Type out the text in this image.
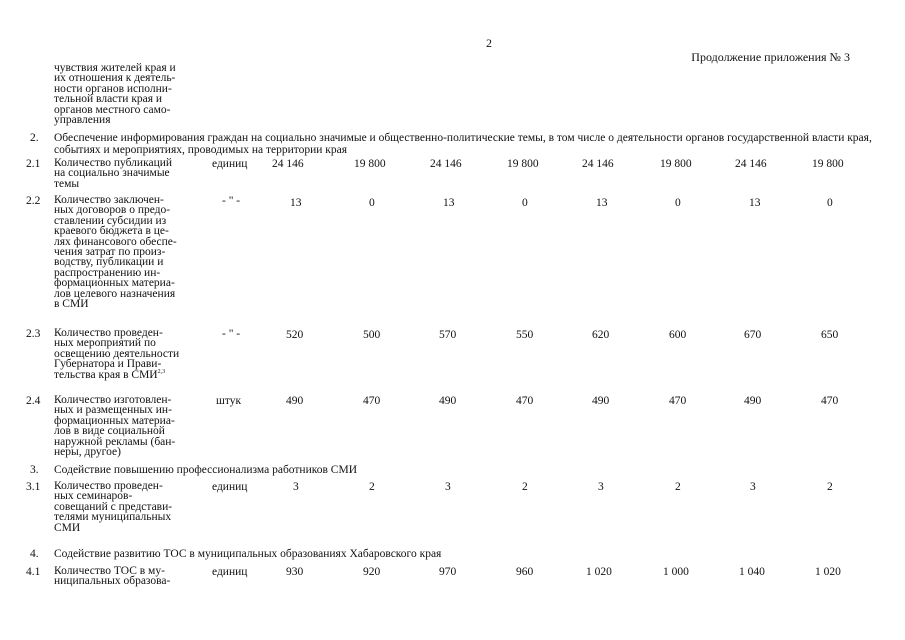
2
Продолжение приложения № 3
чувствия жителей края и
их отношения к деятель-
ности органов исполни-
тельной власти края и
органов местного само-
управления
2. Обеспечение информирования граждан на социально значимые и общественно-политические темы, в том числе о деятельности органов государственной власти края, событиях и мероприятиях, проводимых на территории края
2.1 Количество публикаций
на социально значимые
темы
единиц 24 146	19 800	24 146	19 800	24 146	19 800	24 146	19 800
2.2 Количество заключен-
ных договоров о предо-
ставлении субсидии из
краевого бюджета в це-
лях финансового обеспе-
чения затрат по произ-
водству, публикации и
распространению ин-
формационных материа-
лов целевого назначения
в СМИ
- " -	13	0	13	0	13	0	13	0
2.3 Количество проведен-
ных мероприятий по
освещению деятельности
Губернатора и Прави-
тельства края в СМИ$^{2,3}$
- " -	520	500	570	550	620	600	670	650
2.4 Количество изготовлен-
ных и размещенных ин-
формационных материа-
лов в виде социальной
наружной рекламы (бан-
неры, другое)
штук	490	470	490	470	490	470	490	470
3. Содействие повышению профессионализма работников СМИ
3.1 Количество проведен-
ных семинаров-
совещаний с представи-
телями муниципальных
СМИ
единиц	3	2	3	2	3	2	3	2
4. Содействие развитию ТОС в муниципальных образованиях Хабаровского края
4.1 Количество ТОС в му-
ниципальных образова-
единиц	930	920	970	960	1 020	1 000	1 040	1 020
